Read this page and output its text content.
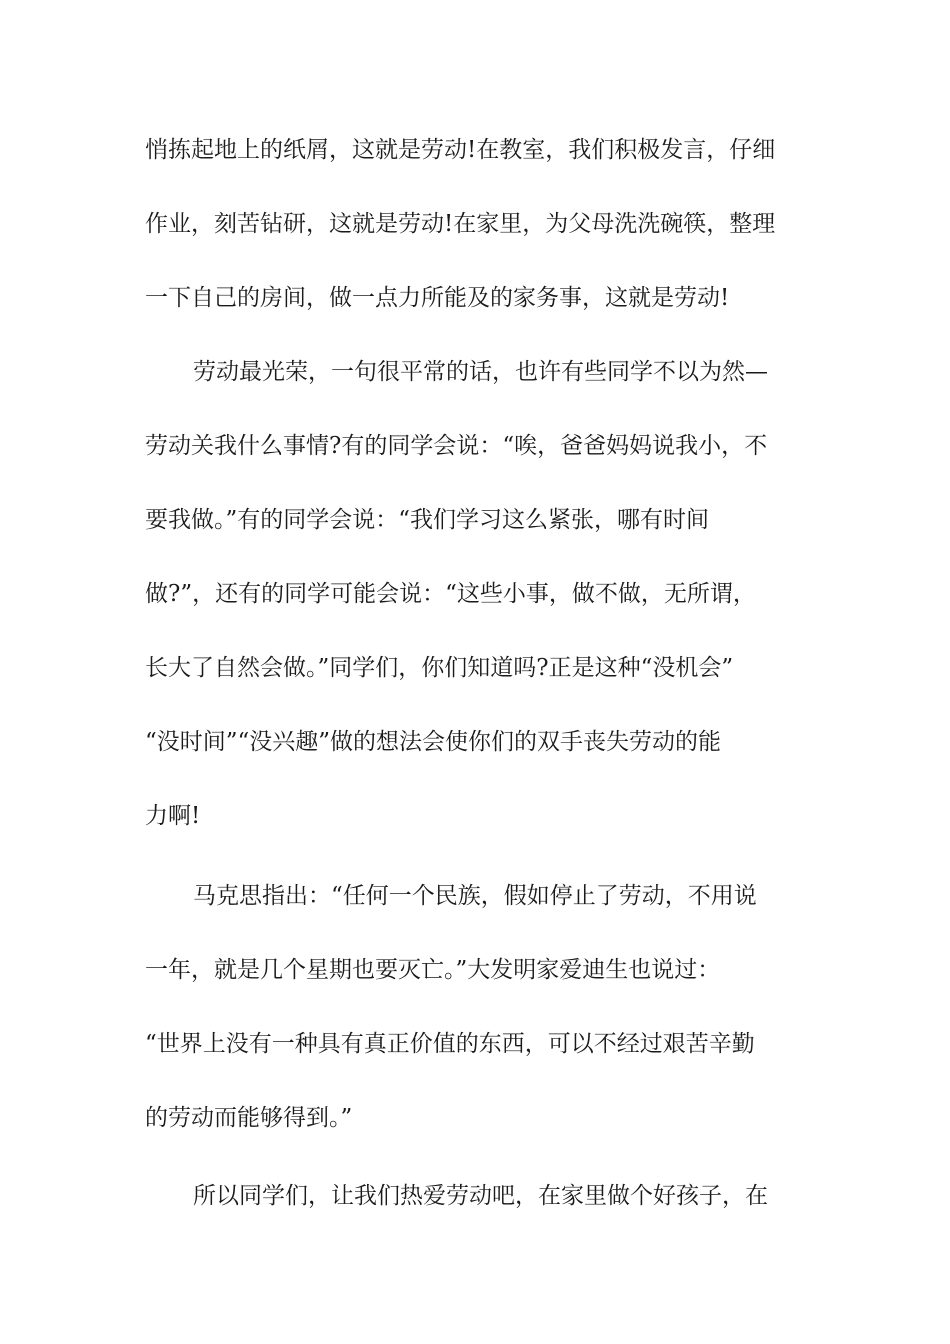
悄拣起地上的纸屑，这就是劳动!在教室，我们积极发言，仔细
作业，刻苦钻研，这就是劳动!在家里，为父母洗洗碗筷，整理
一下自己的房间，做一点力所能及的家务事，这就是劳动!
劳动最光荣，一句很平常的话，也许有些同学不以为然—
劳动关我什么事情?有的同学会说：“唉，爸爸妈妈说我小，不
要我做。”有的同学会说：“我们学习这么紧张，哪有时间
做?”，还有的同学可能会说：“这些小事，做不做，无所谓，
长大了自然会做。”同学们，你们知道吗?正是这种“没机会”
“没时间”“没兴趣”做的想法会使你们的双手丧失劳动的能
力啊!
马克思指出：“任何一个民族，假如停止了劳动，不用说
一年，就是几个星期也要灭亡。”大发明家爱迪生也说过：
“世界上没有一种具有真正价值的东西，可以不经过艰苦辛勤
的劳动而能够得到。”
所以同学们，让我们热爱劳动吧，在家里做个好孩子，在
